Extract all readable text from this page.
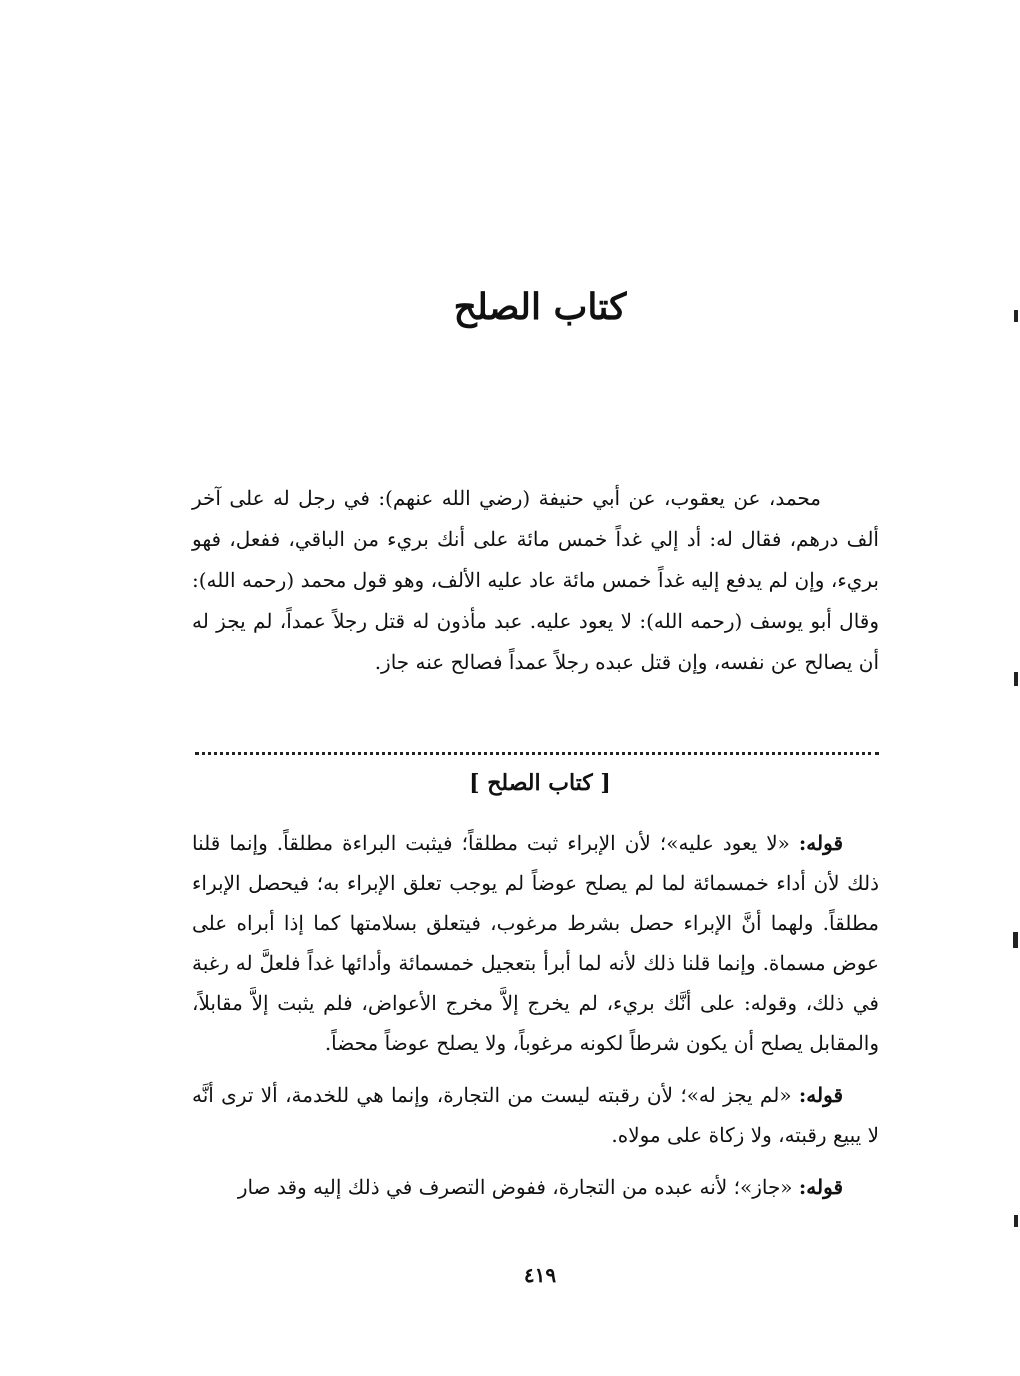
كتاب الصلح

محمد، عن يعقوب، عن أبي حنيفة (رضي الله عنهم): في رجل له على آخر ألف درهم، فقال له: أد إلي غداً خمس مائة على أنك بريء من الباقي، ففعل، فهو بريء، وإن لم يدفع إليه غداً خمس مائة عاد عليه الألف، وهو قول محمد (رحمه الله): وقال أبو يوسف (رحمه الله): لا يعود عليه. عبد مأذون له قتل رجلاً عمداً، لم يجز له أن يصالح عن نفسه، وإن قتل عبده رجلاً عمداً فصالح عنه جاز.

[ كتاب الصلح ]

قوله: «لا يعود عليه»؛ لأن الإبراء ثبت مطلقاً؛ فيثبت البراءة مطلقاً. وإنما قلنا ذلك لأن أداء خمسمائة لما لم يصلح عوضاً لم يوجب تعلق الإبراء به؛ فيحصل الإبراء مطلقاً. ولهما أنَّ الإبراء حصل بشرط مرغوب، فيتعلق بسلامتها كما إذا أبراه على عوض مسماة. وإنما قلنا ذلك لأنه لما أبرأ بتعجيل خمسمائة وأدائها غداً فلعلَّ له رغبة في ذلك، وقوله: على أنَّك بريء، لم يخرج إلاَّ مخرج الأعواض، فلم يثبت إلاَّ مقابلاً، والمقابل يصلح أن يكون شرطاً لكونه مرغوباً، ولا يصلح عوضاً محضاً.

قوله: «لم يجز له»؛ لأن رقبته ليست من التجارة، وإنما هي للخدمة، ألا ترى أنَّه لا يبيع رقبته، ولا زكاة على مولاه.

قوله: «جاز»؛ لأنه عبده من التجارة، ففوض التصرف في ذلك إليه وقد صار

٤١٩
